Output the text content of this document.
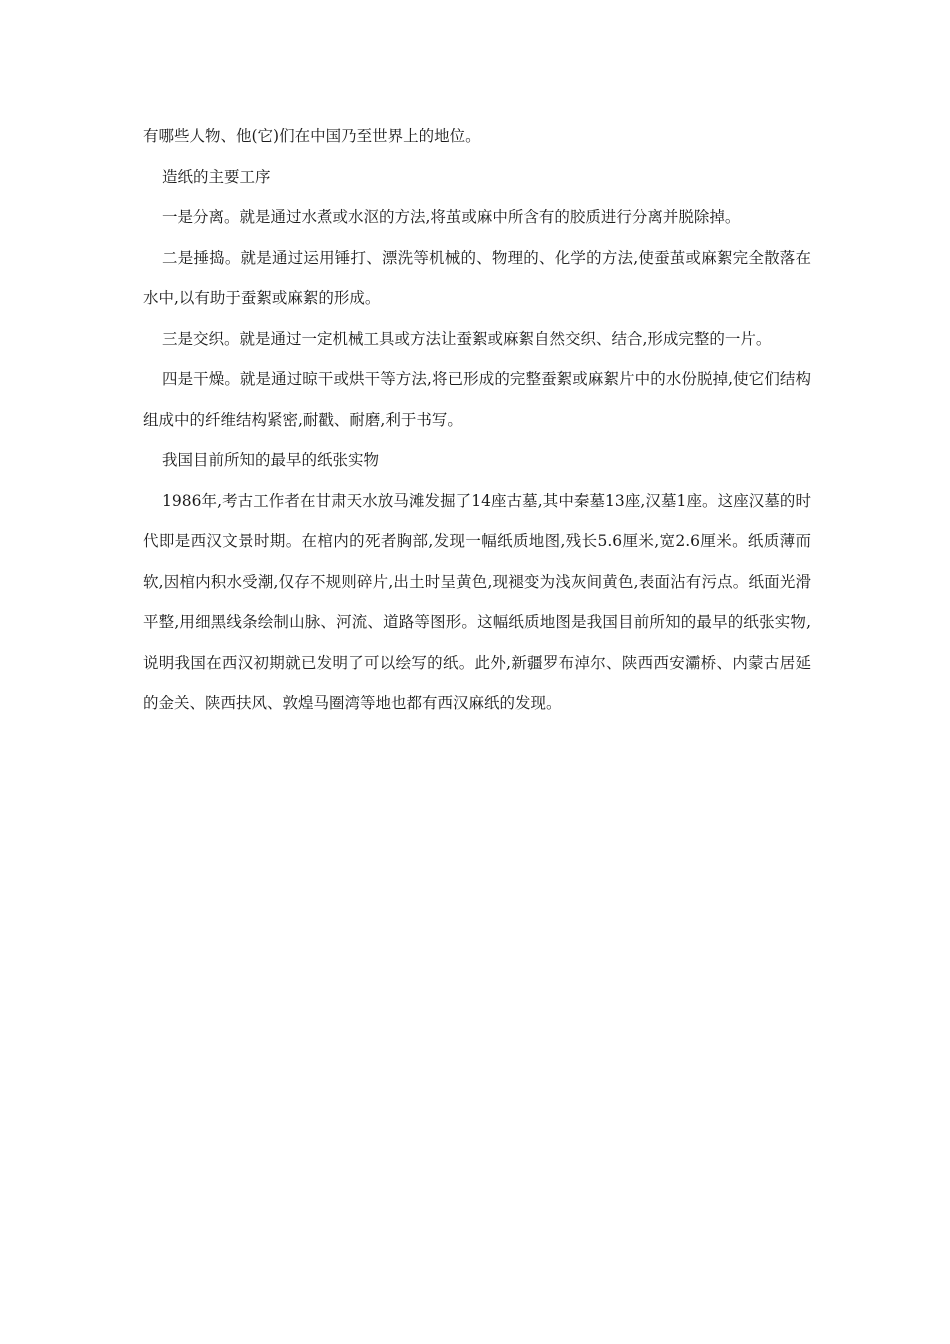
有哪些人物、他(它)们在中国乃至世界上的地位。

造纸的主要工序

一是分离。就是通过水煮或水沤的方法,将茧或麻中所含有的胶质进行分离并脱除掉。

二是捶捣。就是通过运用锤打、漂洗等机械的、物理的、化学的方法,使蚕茧或麻絮完全散落在水中,以有助于蚕絮或麻絮的形成。

三是交织。就是通过一定机械工具或方法让蚕絮或麻絮自然交织、结合,形成完整的一片。

四是干燥。就是通过晾干或烘干等方法,将已形成的完整蚕絮或麻絮片中的水份脱掉,使它们结构组成中的纤维结构紧密,耐戳、耐磨,利于书写。

我国目前所知的最早的纸张实物

1986年,考古工作者在甘肃天水放马滩发掘了14座古墓,其中秦墓13座,汉墓1座。这座汉墓的时代即是西汉文景时期。在棺内的死者胸部,发现一幅纸质地图,残长5.6厘米,宽2.6厘米。纸质薄而软,因棺内积水受潮,仅存不规则碎片,出土时呈黄色,现褪变为浅灰间黄色,表面沾有污点。纸面光滑平整,用细黑线条绘制山脉、河流、道路等图形。这幅纸质地图是我国目前所知的最早的纸张实物,说明我国在西汉初期就已发明了可以绘写的纸。此外,新疆罗布淖尔、陕西西安灞桥、内蒙古居延的金关、陕西扶风、敦煌马圈湾等地也都有西汉麻纸的发现。
